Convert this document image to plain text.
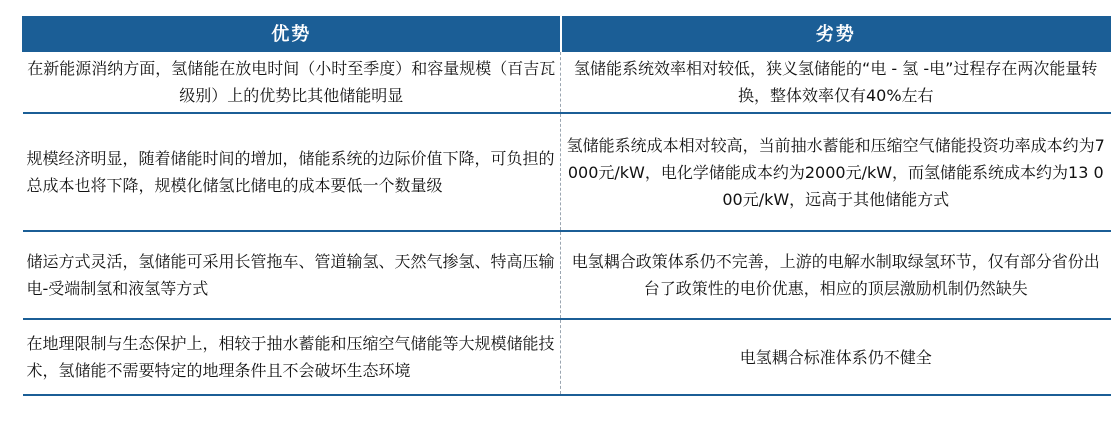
优势	劣势
在新能源消纳方面，氢储能在放电时间（小时至季度）和容量规模（百吉瓦级别）上的优势比其他储能明显	氢储能系统效率相对较低，狭义氢储能的“电 - 氢 -电”过程存在两次能量转换，整体效率仅有40%左右
规模经济明显，随着储能时间的增加，储能系统的边际价值下降，可负担的总成本也将下降，规模化储氢比储电的成本要低一个数量级	氢储能系统成本相对较高，当前抽水蓄能和压缩空气储能投资功率成本约为7000元/kW，电化学储能成本约为2000元/kW，而氢储能系统成本约为13 000元/kW，远高于其他储能方式
储运方式灵活，氢储能可采用长管拖车、管道输氢、天然气掺氢、特高压输电-受端制氢和液氢等方式	电氢耦合政策体系仍不完善，上游的电解水制取绿氢环节，仅有部分省份出台了政策性的电价优惠，相应的顶层激励机制仍然缺失
在地理限制与生态保护上，相较于抽水蓄能和压缩空气储能等大规模储能技术，氢储能不需要特定的地理条件且不会破坏生态环境	电氢耦合标准体系仍不健全
